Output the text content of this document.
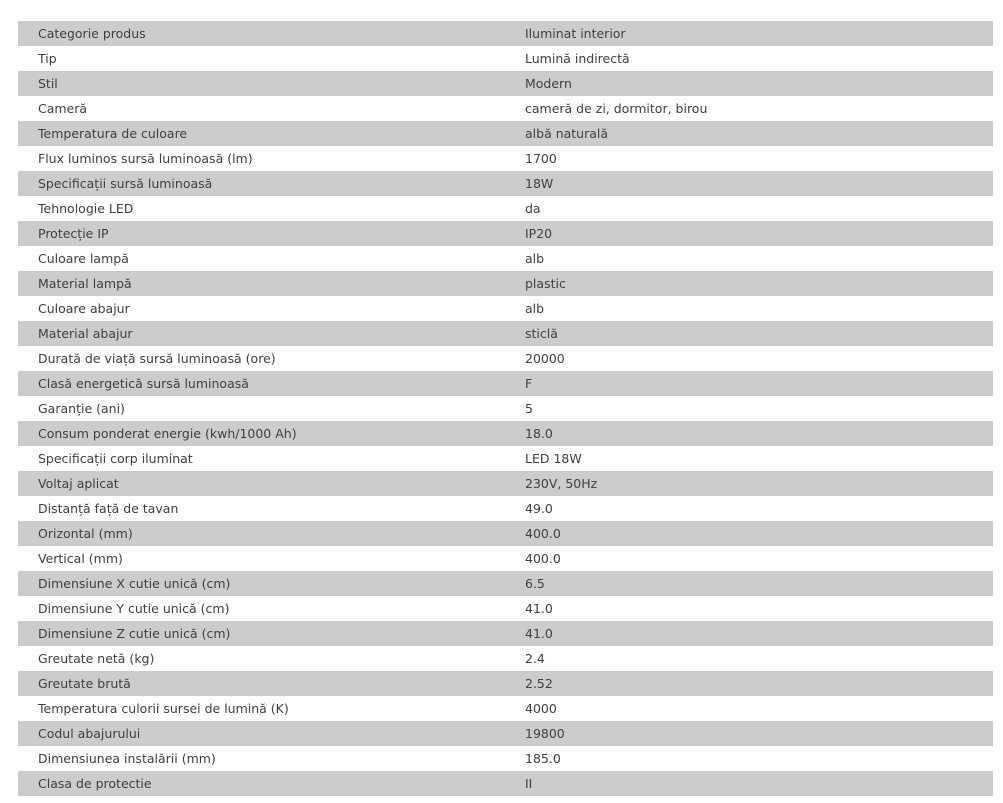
Categorie produs	Iluminat interior
Tip	Lumină indirectă
Stil	Modern
Cameră	cameră de zi, dormitor, birou
Temperatura de culoare	albă naturală
Flux luminos sursă luminoasă (lm)	1700
Specificații sursă luminoasă	18W
Tehnologie LED	da
Protecție IP	IP20
Culoare lampă	alb
Material lampă	plastic
Culoare abajur	alb
Material abajur	sticlă
Durată de viață sursă luminoasă (ore)	20000
Clasă energetică sursă luminoasă	F
Garanție (ani)	5
Consum ponderat energie (kwh/1000 Ah)	18.0
Specificații corp iluminat	LED 18W
Voltaj aplicat	230V, 50Hz
Distanță față de tavan	49.0
Orizontal (mm)	400.0
Vertical (mm)	400.0
Dimensiune X cutie unică (cm)	6.5
Dimensiune Y cutie unică (cm)	41.0
Dimensiune Z cutie unică (cm)	41.0
Greutate netă (kg)	2.4
Greutate brută	2.52
Temperatura culorii sursei de lumină (K)	4000
Codul abajurului	19800
Dimensiunea instalării (mm)	185.0
Clasa de protectie	II
